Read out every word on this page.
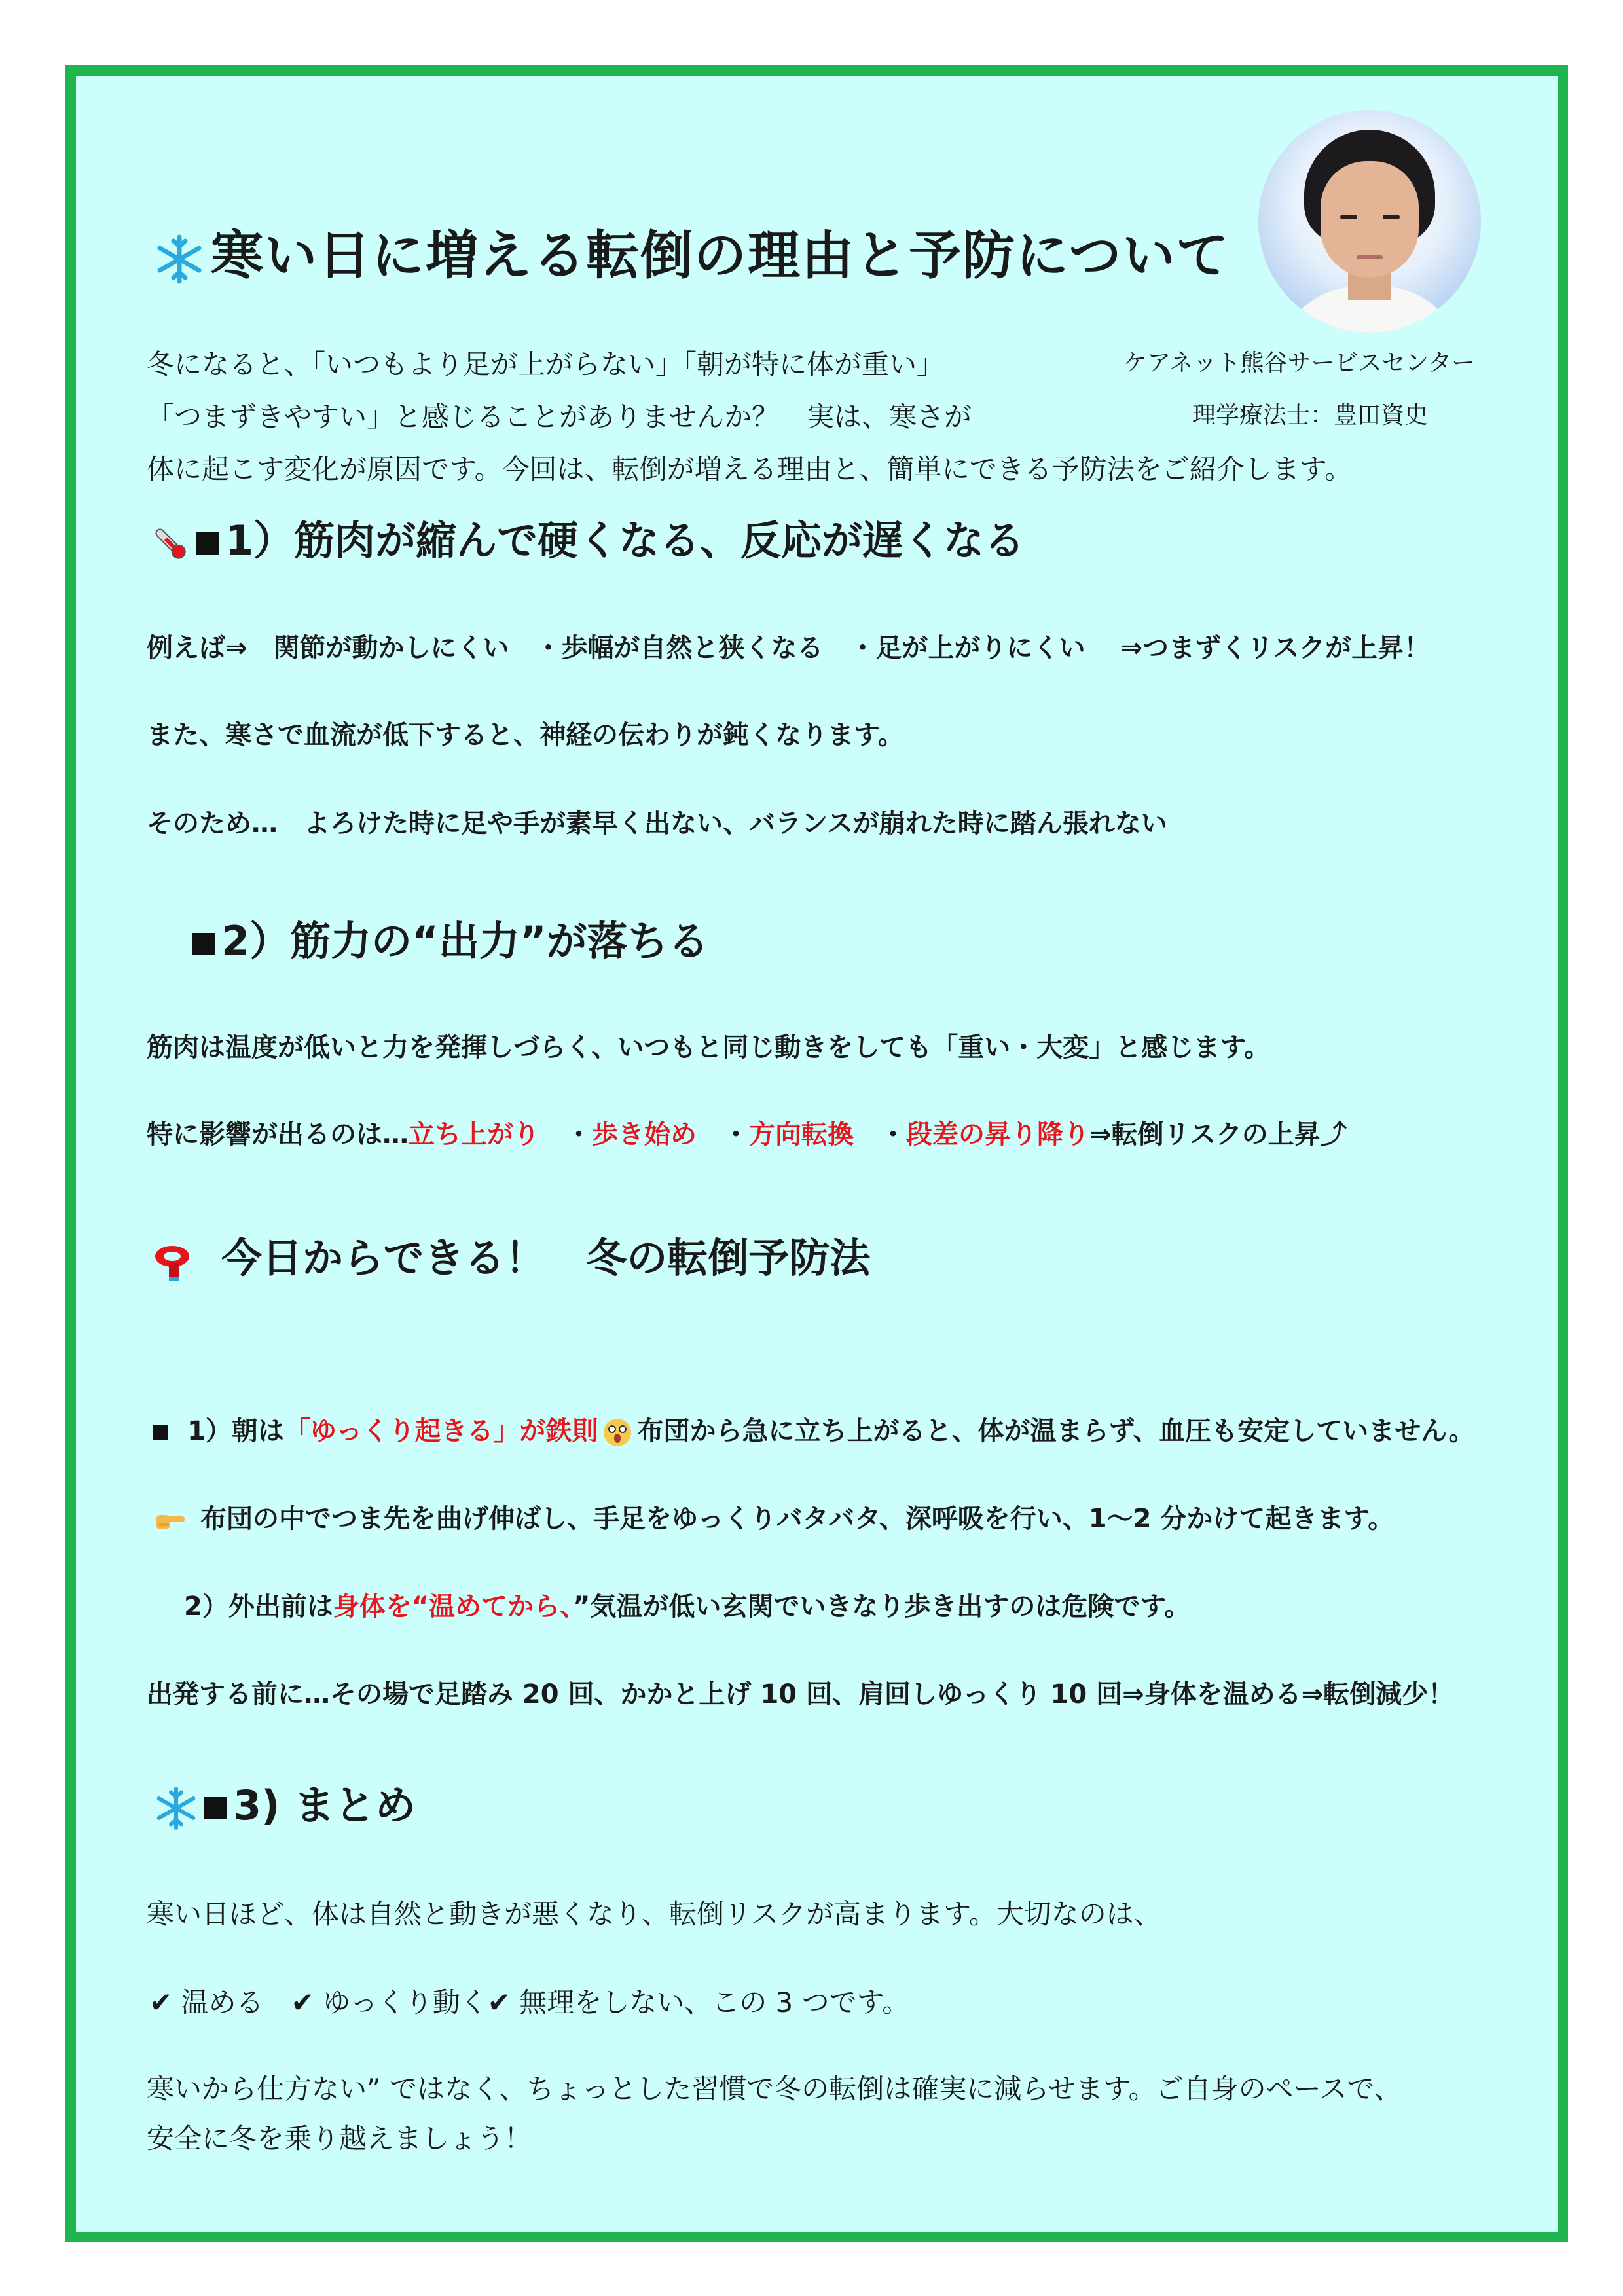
寒い日に増える転倒の理由と予防について
ケアネット熊谷サービスセンター
理学療法士：豊田資史
冬になると、「いつもより足が上がらない」「朝が特に体が重い」
「つまずきやすい」と感じることがありませんか？　実は、寒さが
体に起こす変化が原因です。今回は、転倒が増える理由と、簡単にできる予防法をご紹介します。
1）筋肉が縮んで硬くなる、反応が遅くなる
例えば⇒　関節が動かしにくい　・歩幅が自然と狭くなる　・足が上がりにくい　 ⇒つまずくリスクが上昇！
また、寒さで血流が低下すると、神経の伝わりが鈍くなります。
そのため…　よろけた時に足や手が素早く出ない、バランスが崩れた時に踏ん張れない
2）筋力の“出力”が落ちる
筋肉は温度が低いと力を発揮しづらく、いつもと同じ動きをしても「重い・大変」と感じます。
特に影響が出るのは…立ち上がり　・歩き始め　・方向転換　・段差の昇り降り⇒転倒リスクの上昇⤴
今日からできる！　冬の転倒予防法
1）朝は「ゆっくり起きる」が鉄則 布団から急に立ち上がると、体が温まらず、血圧も安定していません。
布団の中でつま先を曲げ伸ばし、手足をゆっくりバタバタ、深呼吸を行い、1〜2 分かけて起きます。
2）外出前は身体を“温めてから、”気温が低い玄関でいきなり歩き出すのは危険です。
出発する前に…その場で足踏み 20 回、かかと上げ 10 回、肩回しゆっくり 10 回⇒身体を温める⇒転倒減少！
3) まとめ
寒い日ほど、体は自然と動きが悪くなり、転倒リスクが高まります。大切なのは、
✔ 温める　✔ ゆっくり動く✔ 無理をしない、この 3 つです。
寒いから仕方ない” ではなく、ちょっとした習慣で冬の転倒は確実に減らせます。ご自身のペースで、
安全に冬を乗り越えましょう！
